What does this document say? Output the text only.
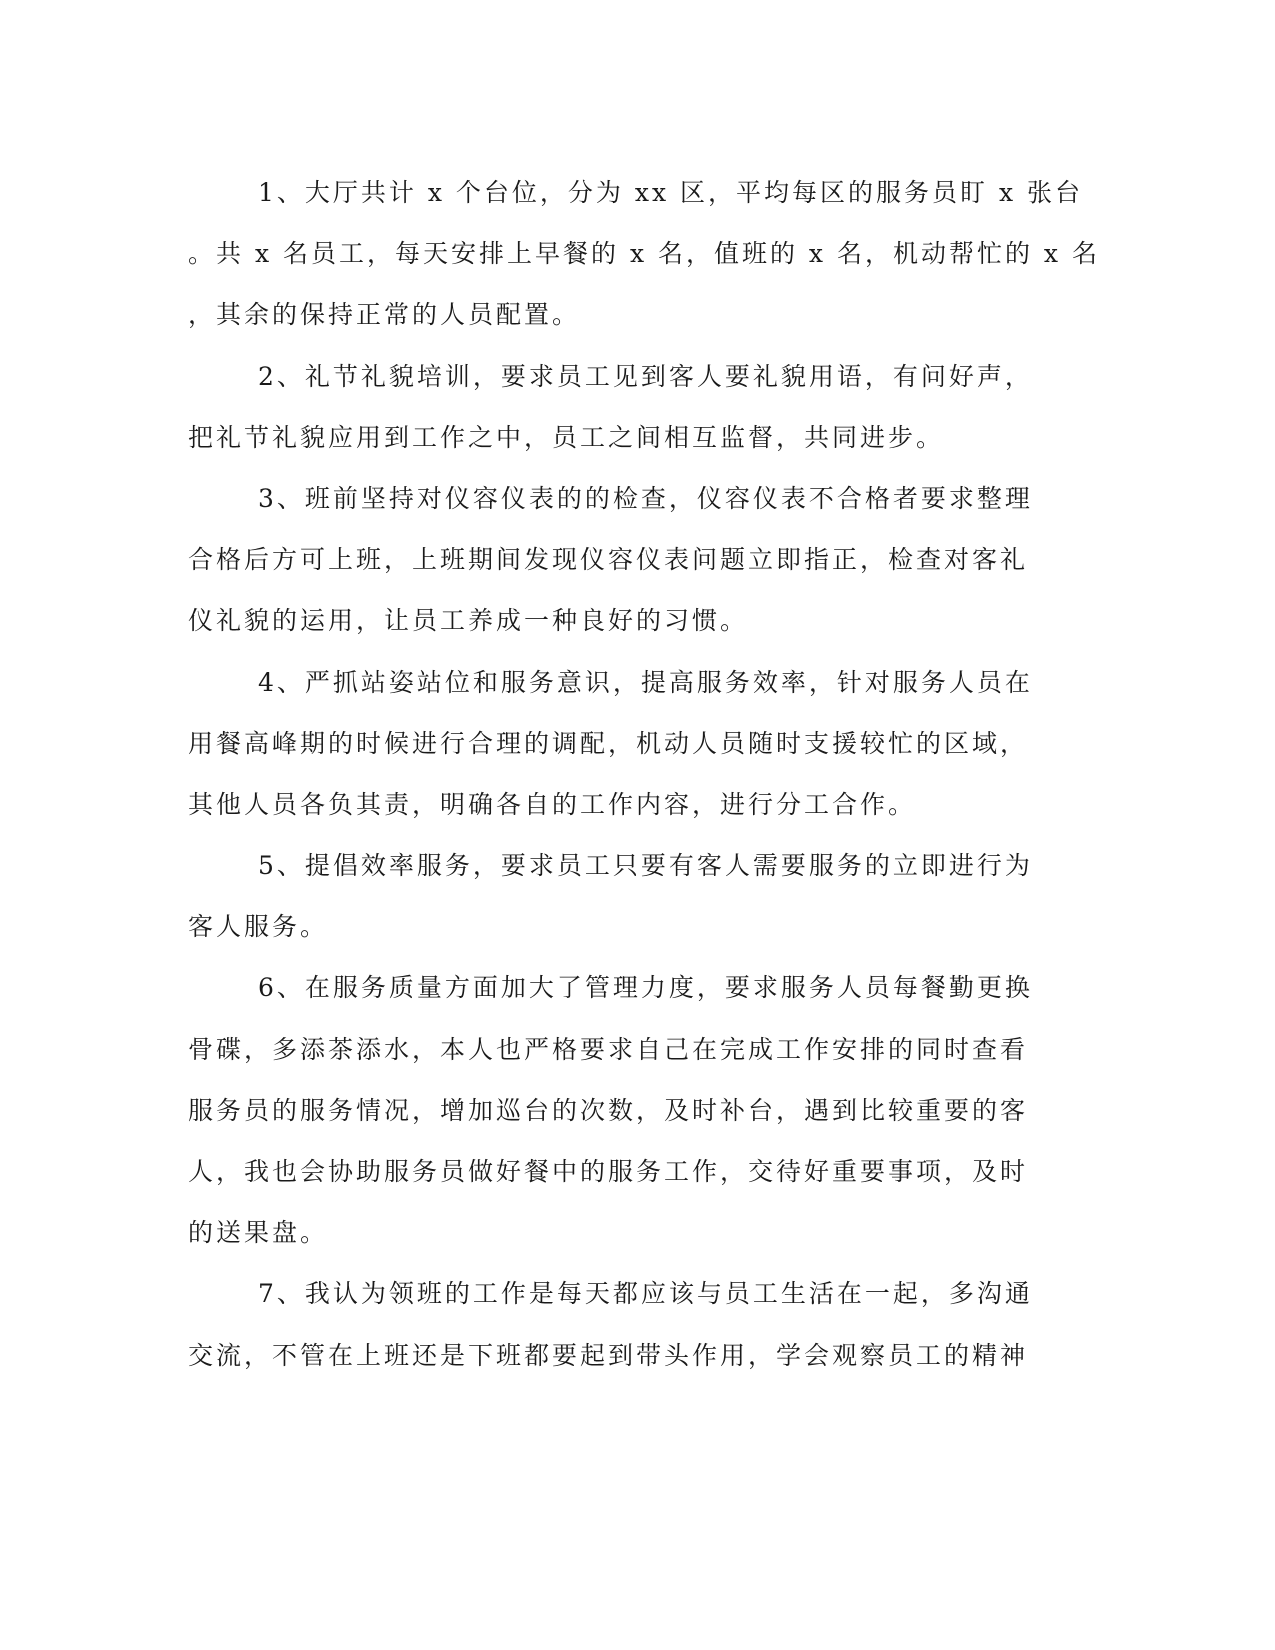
1、大厅共计 x 个台位，分为 xx 区，平均每区的服务员盯 x 张台
。共 x 名员工，每天安排上早餐的 x 名，值班的 x 名，机动帮忙的 x 名
，其余的保持正常的人员配置。
2、礼节礼貌培训，要求员工见到客人要礼貌用语，有问好声，
把礼节礼貌应用到工作之中，员工之间相互监督，共同进步。
3、班前坚持对仪容仪表的的检查，仪容仪表不合格者要求整理
合格后方可上班，上班期间发现仪容仪表问题立即指正，检查对客礼
仪礼貌的运用，让员工养成一种良好的习惯。
4、严抓站姿站位和服务意识，提高服务效率，针对服务人员在
用餐高峰期的时候进行合理的调配，机动人员随时支援较忙的区域，
其他人员各负其责，明确各自的工作内容，进行分工合作。
5、提倡效率服务，要求员工只要有客人需要服务的立即进行为
客人服务。
6、在服务质量方面加大了管理力度，要求服务人员每餐勤更换
骨碟，多添茶添水，本人也严格要求自己在完成工作安排的同时查看
服务员的服务情况，增加巡台的次数，及时补台，遇到比较重要的客
人，我也会协助服务员做好餐中的服务工作，交待好重要事项，及时
的送果盘。
7、我认为领班的工作是每天都应该与员工生活在一起，多沟通
交流，不管在上班还是下班都要起到带头作用，学会观察员工的精神
